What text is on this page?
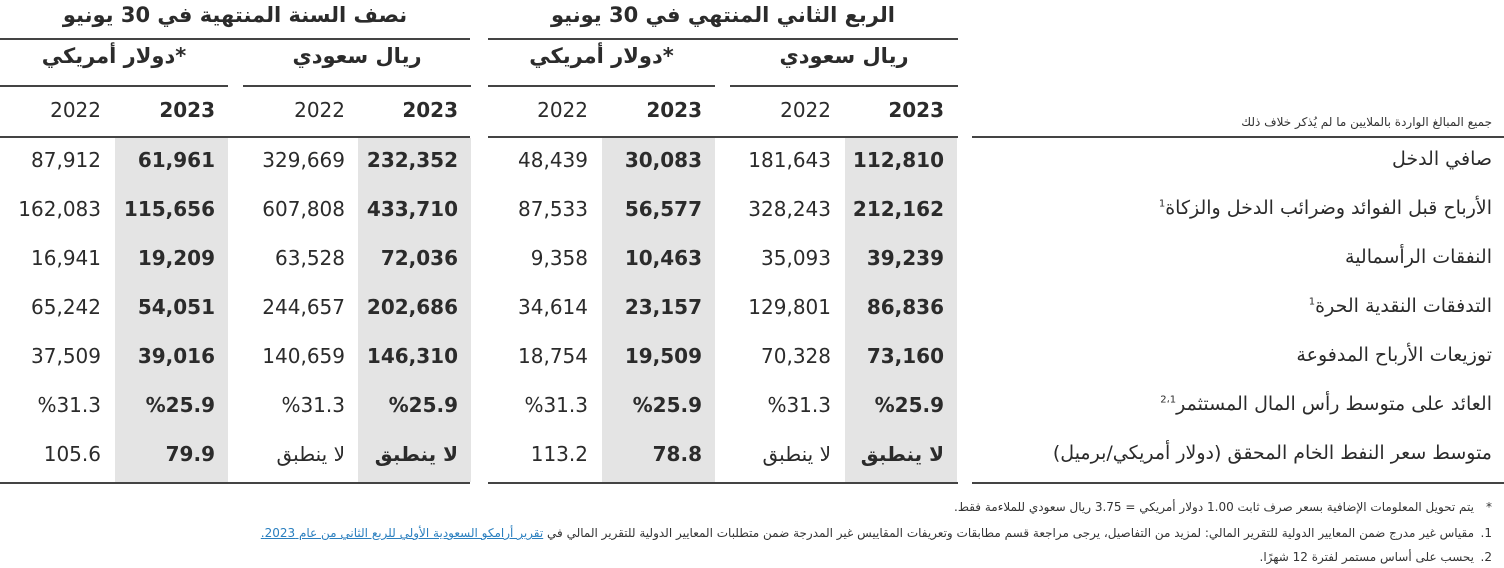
الربع الثاني المنتهي في 30 يونيو
نصف السنة المنتهية في 30 يونيو
ريال سعودي
دولار أمريكي*
ريال سعودي
دولار أمريكي*
2023
2022
2023
2022
2023
2022
2023
2022	جميع المبالغ الواردة بالملايين ما لم يُذكر خلاف ذلك
صافي الدخل
112,810
181,643
30,083
48,439
232,352
329,669
61,961
87,912
الأرباح قبل الفوائد وضرائب الدخل والزكاة$^1$
212,162
328,243
56,577
87,533
433,710
607,808
115,656
162,083
النفقات الرأسمالية
39,239
35,093
10,463
9,358
72,036
63,528
19,209
16,941
التدفقات النقدية الحرة$^1$
86,836
129,801
23,157
34,614
202,686
244,657
54,051
65,242
توزيعات الأرباح المدفوعة
73,160
70,328
19,509
18,754
146,310
140,659
39,016
37,509
العائد على متوسط رأس المال المستثمر$^{2،1}$
%25.9
%31.3
%25.9
%31.3
%25.9
%31.3
%25.9
%31.3
متوسط سعر النفط الخام المحقق (دولار أمريكي/برميل)
لا ينطبق
لا ينطبق
78.8
113.2
لا ينطبق
لا ينطبق
79.9
105.6
*يتم تحويل المعلومات الإضافية بسعر صرف ثابت 1.00 دولار أمريكي = 3.75 ريال سعودي للملاءمة فقط.
1.مقياس غير مدرج ضمن المعايير الدولية للتقرير المالي: لمزيد من التفاصيل، يرجى مراجعة قسم مطابقات وتعريفات المقاييس غير المدرجة ضمن متطلبات المعايير الدولية للتقرير المالي في تقرير أرامكو السعودية الأولي للربع الثاني من عام 2023.
2.يحسب على أساس مستمر لفترة 12 شهرًا.
